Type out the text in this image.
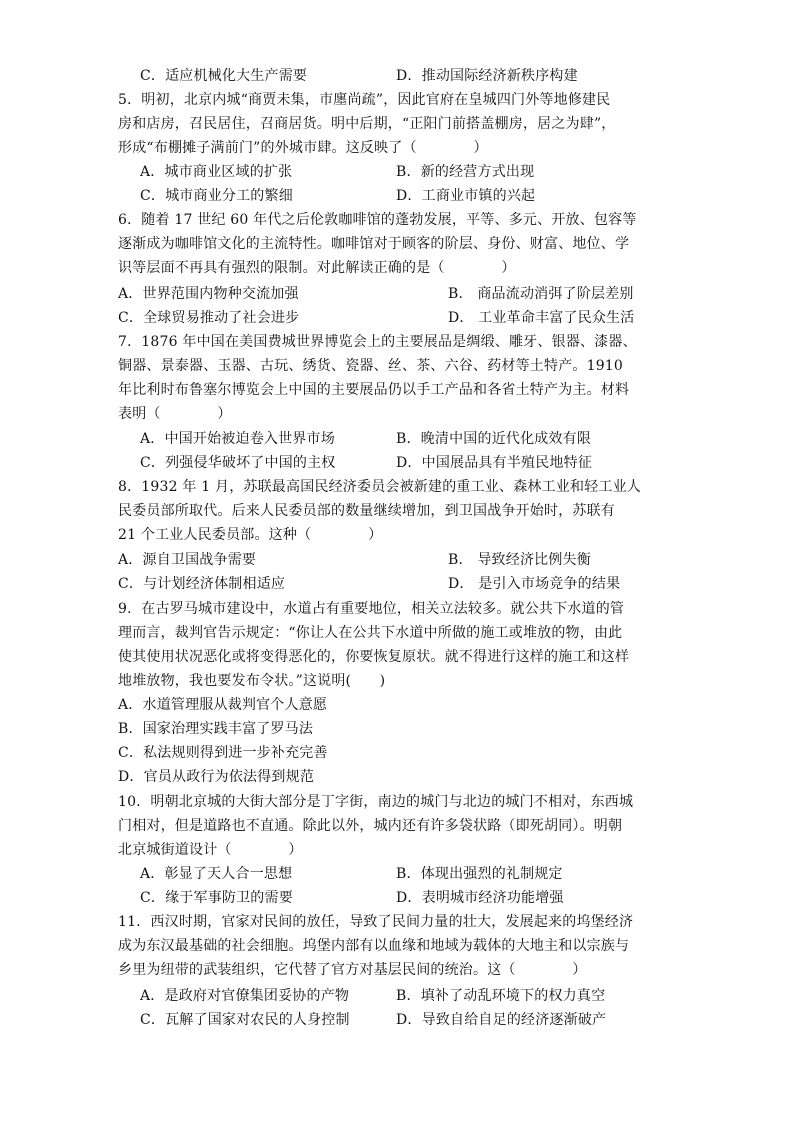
C．适应机械化大生产需要	D．推动国际经济新秩序构建
5．明初，北京内城“商贾未集，市廛尚疏”，因此官府在皇城四门外等地修建民
房和店房，召民居住，召商居货。明中后期，“正阳门前搭盖棚房，居之为肆”，
形成“布棚摊子满前门”的外城市肆。这反映了（　　　　）
A．城市商业区域的扩张	B．新的经营方式出现
C．城市商业分工的繁细	D．工商业市镇的兴起
6．随着 17 世纪 60 年代之后伦敦咖啡馆的蓬勃发展，平等、多元、开放、包容等
逐渐成为咖啡馆文化的主流特性。咖啡馆对于顾客的阶层、身份、财富、地位、学
识等层面不再具有强烈的限制。对此解读正确的是（　　　　）
A．世界范围内物种交流加强	B． 商品流动消弭了阶层差别
C．全球贸易推动了社会进步	D． 工业革命丰富了民众生活
7．1876 年中国在美国费城世界博览会上的主要展品是绸缎、雕牙、银器、漆器、
铜器、景泰器、玉器、古玩、绣货、瓷器、丝、茶、六谷、药材等土特产。1910
年比利时布鲁塞尔博览会上中国的主要展品仍以手工产品和各省土特产为主。材料
表明（　　　　）
A．中国开始被迫卷入世界市场	B．晚清中国的近代化成效有限
C．列强侵华破坏了中国的主权	D．中国展品具有半殖民地特征
8．1932 年 1 月，苏联最高国民经济委员会被新建的重工业、森林工业和轻工业人
民委员部所取代。后来人民委员部的数量继续增加，到卫国战争开始时，苏联有
21 个工业人民委员部。这种（　　　　）
A．源自卫国战争需要	B． 导致经济比例失衡
C．与计划经济体制相适应	D． 是引入市场竞争的结果
9．在古罗马城市建设中，水道占有重要地位，相关立法较多。就公共下水道的管
理而言，裁判官告示规定：“你让人在公共下水道中所做的施工或堆放的物，由此
使其使用状况恶化或将变得恶化的，你要恢复原状。就不得进行这样的施工和这样
地堆放物，我也要发布令状。”这说明(　　)
A．水道管理服从裁判官个人意愿
B．国家治理实践丰富了罗马法
C．私法规则得到进一步补充完善
D．官员从政行为依法得到规范
10．明朝北京城的大街大部分是丁字街，南边的城门与北边的城门不相对，东西城
门相对，但是道路也不直通。除此以外，城内还有许多袋状路（即死胡同）。明朝
北京城街道设计（　　　　）
A．彰显了天人合一思想	B．体现出强烈的礼制规定
C．缘于军事防卫的需要	D．表明城市经济功能增强
11．西汉时期，官家对民间的放任，导致了民间力量的壮大，发展起来的坞堡经济
成为东汉最基础的社会细胞。坞堡内部有以血缘和地域为载体的大地主和以宗族与
乡里为纽带的武装组织，它代替了官方对基层民间的统治。这（　　　　）
A．是政府对官僚集团妥协的产物	B．填补了动乱环境下的权力真空
C．瓦解了国家对农民的人身控制	D．导致自给自足的经济逐渐破产
